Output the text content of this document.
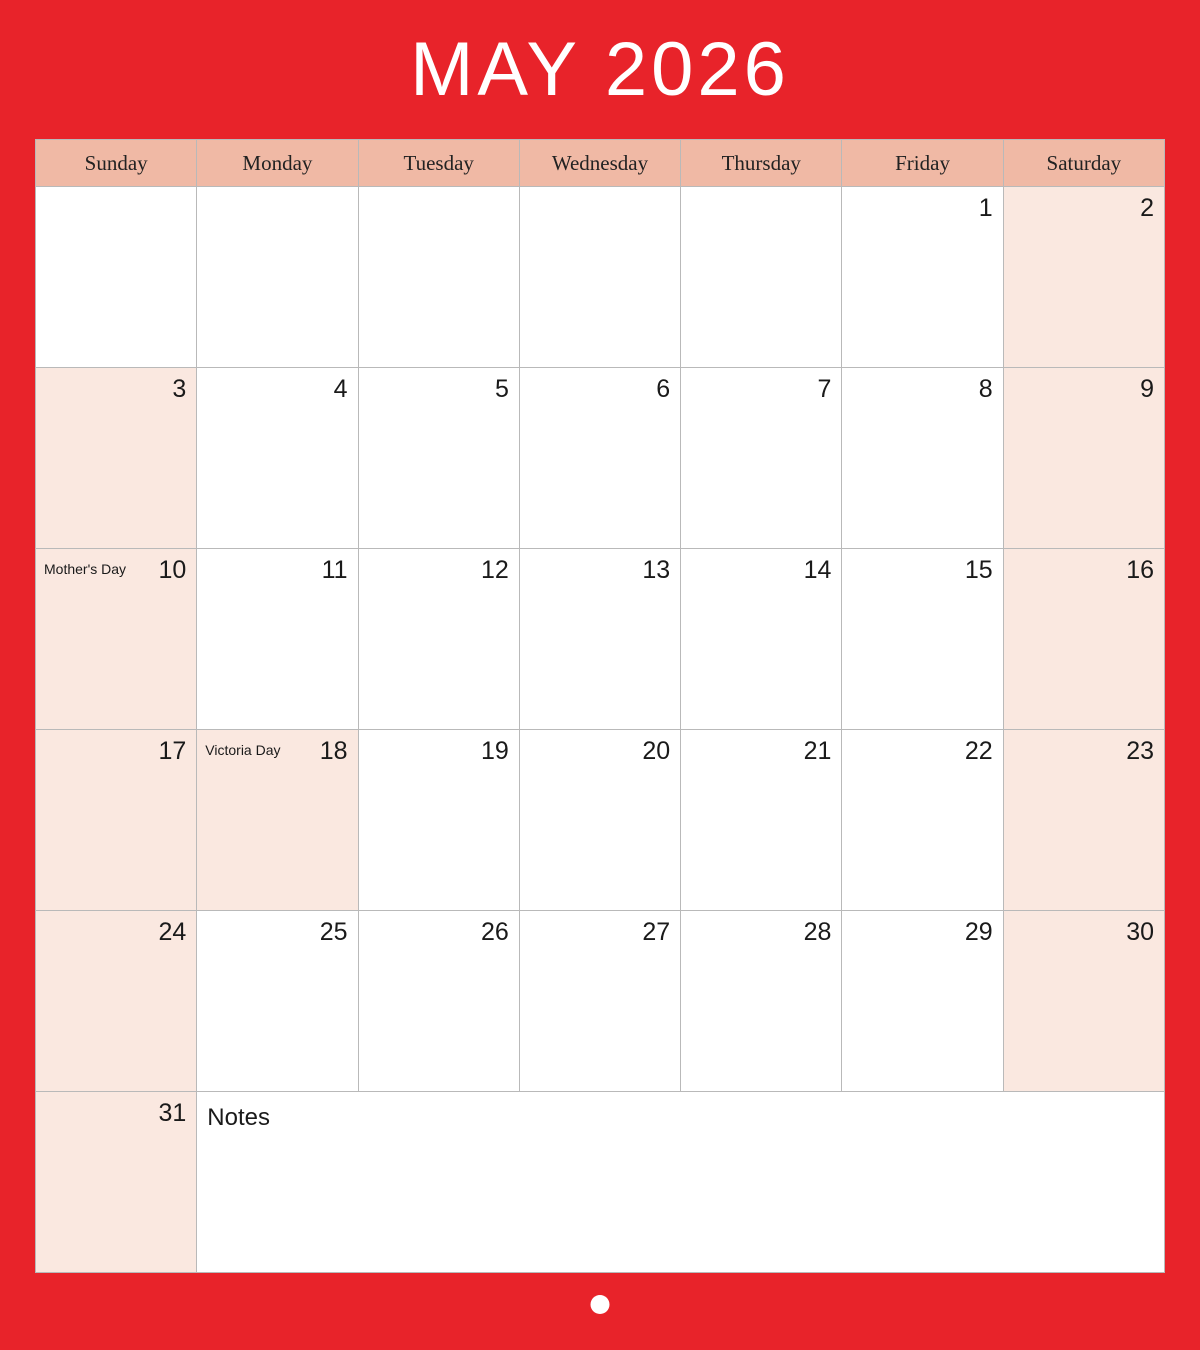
MAY 2026
Sunday	Monday	Tuesday	Wednesday	Thursday	Friday	Saturday

					1	2

3	4	5	6	7	8	9

Mother's Day 10	11	12	13	14	15	16

17	Victoria Day 18	19	20	21	22	23

24	25	26	27	28	29	30

31	Notes					
